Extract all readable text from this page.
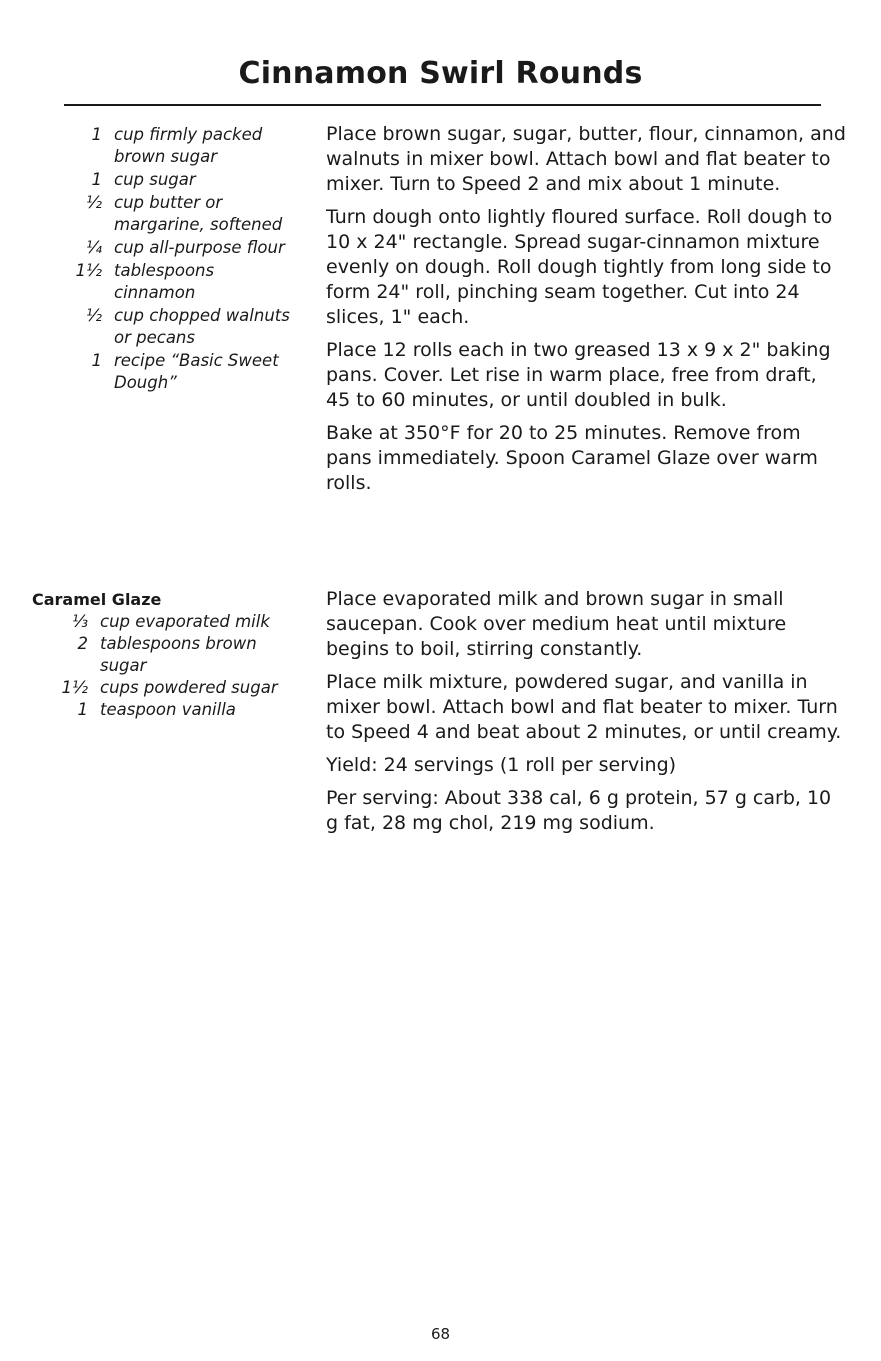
Cinnamon Swirl Rounds
1 cup firmly packed brown sugar
1 cup sugar
½ cup butter or margarine, softened
¼ cup all-purpose flour
1½ tablespoons cinnamon
½ cup chopped walnuts or pecans
1 recipe “Basic Sweet Dough”

Place brown sugar, sugar, butter, flour, cinnamon, and walnuts in mixer bowl. Attach bowl and flat beater to mixer. Turn to Speed 2 and mix about 1 minute.

Turn dough onto lightly floured surface. Roll dough to 10 x 24" rectangle. Spread sugar-cinnamon mixture evenly on dough. Roll dough tightly from long side to form 24" roll, pinching seam together. Cut into 24 slices, 1" each.

Place 12 rolls each in two greased 13 x 9 x 2" baking pans. Cover. Let rise in warm place, free from draft, 45 to 60 minutes, or until doubled in bulk.

Bake at 350°F for 20 to 25 minutes. Remove from pans immediately. Spoon Caramel Glaze over warm rolls.

Caramel Glaze
⅓ cup evaporated milk
2 tablespoons brown sugar
1½ cups powdered sugar
1 teaspoon vanilla

Place evaporated milk and brown sugar in small saucepan. Cook over medium heat until mixture begins to boil, stirring constantly.

Place milk mixture, powdered sugar, and vanilla in mixer bowl. Attach bowl and flat beater to mixer. Turn to Speed 4 and beat about 2 minutes, or until creamy.

Yield: 24 servings (1 roll per serving)

Per serving: About 338 cal, 6 g protein, 57 g carb, 10 g fat, 28 mg chol, 219 mg sodium.

68
